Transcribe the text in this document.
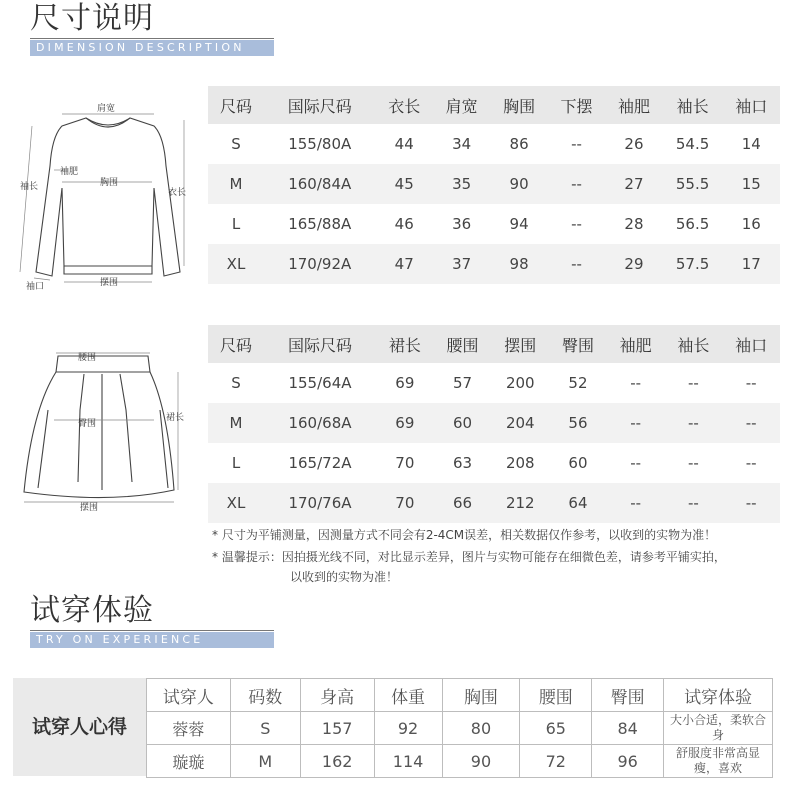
尺寸说明
DIMENSION DESCRIPTION
肩宽
袖肥
胸围
袖长
衣长
袖口	摆围
尺码	国际尺码	衣长	肩宽	胸围	下摆	袖肥	袖长	袖口
S	155/80A	44	34	86	--	26	54.5	14
M	160/84A	45	35	90	--	27	55.5	15
L	165/88A	46	36	94	--	28	56.5	16
XL	170/92A	47	37	98	--	29	57.5	17
腰围
臀围
裙长
摆围
尺码	国际尺码	裙长	腰围	摆围	臀围	袖肥	袖长	袖口
S	155/64A	69	57	200	52	--	--	--
M	160/68A	69	60	204	56	--	--	--
L	165/72A	70	63	208	60	--	--	--
XL	170/76A	70	66	212	64	--	--	--
* 尺寸为平铺测量，因测量方式不同会有2-4CM误差，相关数据仅作参考，以收到的实物为准！
* 温馨提示：因拍摄光线不同，对比显示差异，图片与实物可能存在细微色差，请参考平铺实拍，
以收到的实物为准！
试穿体验
TRY ON EXPERIENCE
试穿人心得
试穿人	码数	身高	体重	胸围	腰围	臀围	试穿体验
蓉蓉	S	157	92	80	65	84	大小合适，柔软合身
璇璇	M	162	114	90	72	96	舒服度非常高显瘦，喜欢
